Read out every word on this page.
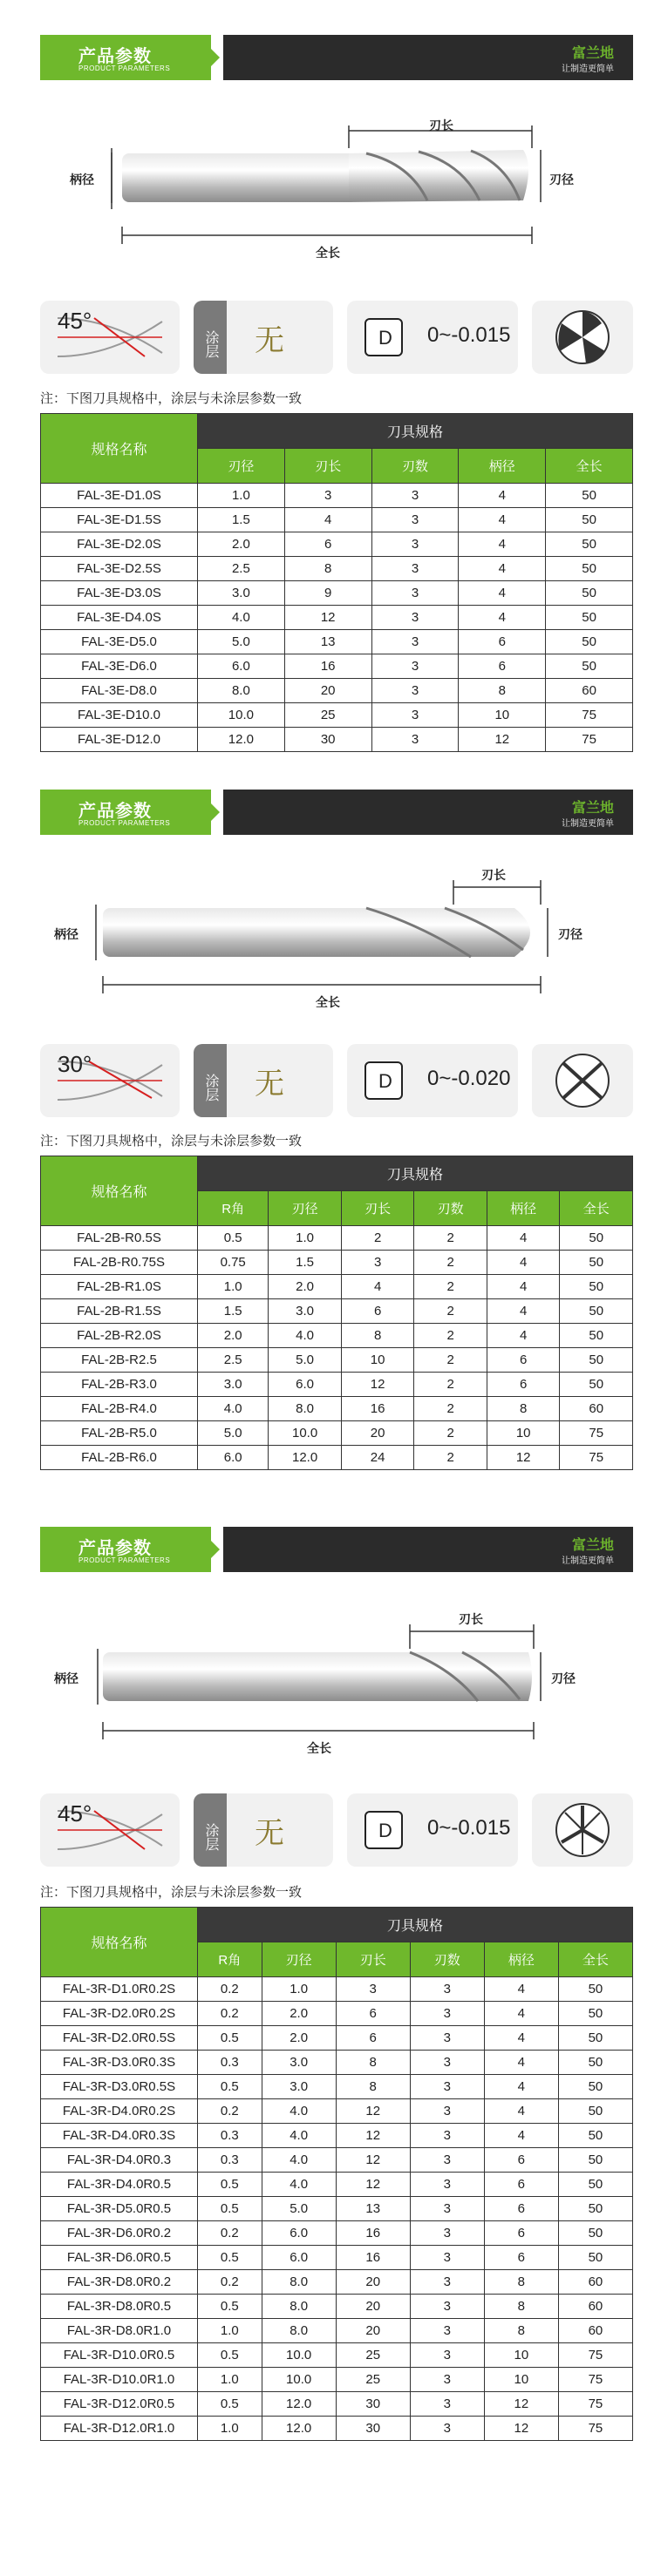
产品参数
PRODUCT PARAMETERS
富兰地
让制造更简单
刃长
柄径	刃径
全长
45°
涂层 无	D 0~-0.015
注：下图刀具规格中，涂层与未涂层参数一致
规格名称	刀具规格				
	刃径	刃长	刃数	柄径	全长
FAL-3E-D1.0S	1.0	3	3	4	50
FAL-3E-D1.5S	1.5	4	3	4	50
FAL-3E-D2.0S	2.0	6	3	4	50
FAL-3E-D2.5S	2.5	8	3	4	50
FAL-3E-D3.0S	3.0	9	3	4	50
FAL-3E-D4.0S	4.0	12	3	4	50
FAL-3E-D5.0	5.0	13	3	6	50
FAL-3E-D6.0	6.0	16	3	6	50
FAL-3E-D8.0	8.0	20	3	8	60
FAL-3E-D10.0	10.0	25	3	10	75
FAL-3E-D12.0	12.0	30	3	12	75
产品参数
PRODUCT PARAMETERS
富兰地
让制造更简单
刃长
柄径	刃径
全长
30°
涂层 无	D 0~-0.020
注：下图刀具规格中，涂层与未涂层参数一致
规格名称	刀具规格					
	R角	刃径	刃长	刃数	柄径	全长
FAL-2B-R0.5S	0.5	1.0	2	2	4	50
FAL-2B-R0.75S	0.75	1.5	3	2	4	50
FAL-2B-R1.0S	1.0	2.0	4	2	4	50
FAL-2B-R1.5S	1.5	3.0	6	2	4	50
FAL-2B-R2.0S	2.0	4.0	8	2	4	50
FAL-2B-R2.5	2.5	5.0	10	2	6	50
FAL-2B-R3.0	3.0	6.0	12	2	6	50
FAL-2B-R4.0	4.0	8.0	16	2	8	60
FAL-2B-R5.0	5.0	10.0	20	2	10	75
FAL-2B-R6.0	6.0	12.0	24	2	12	75
产品参数
PRODUCT PARAMETERS
富兰地
让制造更简单
刃长
柄径	刃径
全长
45°
涂层 无	D 0~-0.015
注：下图刀具规格中，涂层与未涂层参数一致
规格名称	刀具规格					
	R角	刃径	刃长	刃数	柄径	全长
FAL-3R-D1.0R0.2S	0.2	1.0	3	3	4	50
FAL-3R-D2.0R0.2S	0.2	2.0	6	3	4	50
FAL-3R-D2.0R0.5S	0.5	2.0	6	3	4	50
FAL-3R-D3.0R0.3S	0.3	3.0	8	3	4	50
FAL-3R-D3.0R0.5S	0.5	3.0	8	3	4	50
FAL-3R-D4.0R0.2S	0.2	4.0	12	3	4	50
FAL-3R-D4.0R0.3S	0.3	4.0	12	3	4	50
FAL-3R-D4.0R0.3	0.3	4.0	12	3	6	50
FAL-3R-D4.0R0.5	0.5	4.0	12	3	6	50
FAL-3R-D5.0R0.5	0.5	5.0	13	3	6	50
FAL-3R-D6.0R0.2	0.2	6.0	16	3	6	50
FAL-3R-D6.0R0.5	0.5	6.0	16	3	6	50
FAL-3R-D8.0R0.2	0.2	8.0	20	3	8	60
FAL-3R-D8.0R0.5	0.5	8.0	20	3	8	60
FAL-3R-D8.0R1.0	1.0	8.0	20	3	8	60
FAL-3R-D10.0R0.5	0.5	10.0	25	3	10	75
FAL-3R-D10.0R1.0	1.0	10.0	25	3	10	75
FAL-3R-D12.0R0.5	0.5	12.0	30	3	12	75
FAL-3R-D12.0R1.0	1.0	12.0	30	3	12	75
